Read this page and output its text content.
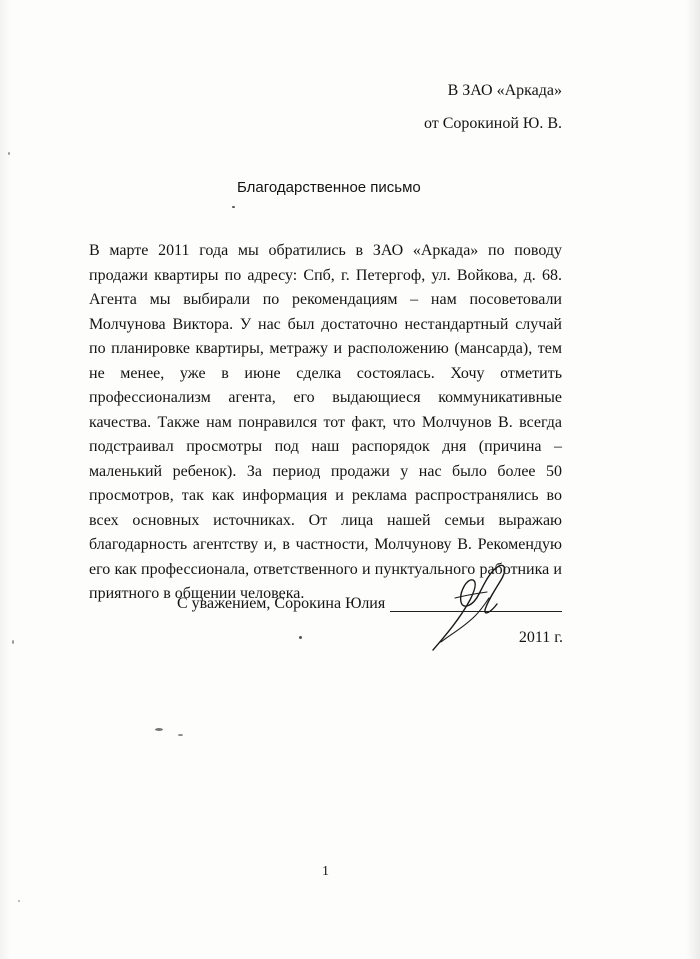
В ЗАО «Аркада»
от Сорокиной Ю. В.
Благодарственное письмо
В марте 2011 года мы обратились в ЗАО «Аркада» по поводу продажи квартиры по адресу: Спб, г. Петергоф, ул. Войкова, д. 68. Агента мы выбирали по рекомендациям – нам посоветовали Молчунова Виктора. У нас был достаточно нестандартный случай по планировке квартиры, метражу и расположению (мансарда), тем не менее, уже в июне сделка состоялась. Хочу отметить профессионализм агента, его выдающиеся коммуникативные качества. Также нам понравился тот факт, что Молчунов В. всегда подстраивал просмотры под наш распорядок дня (причина – маленький ребенок). За период продажи у нас было более 50 просмотров, так как информация и реклама распространялись во всех основных источниках. От лица нашей семьи выражаю благодарность агентству и, в частности, Молчунову В. Рекомендую его как профессионала, ответственного и пунктуального работника и приятного в общении человека.
С уважением, Сорокина Юлия
2011 г.
1
